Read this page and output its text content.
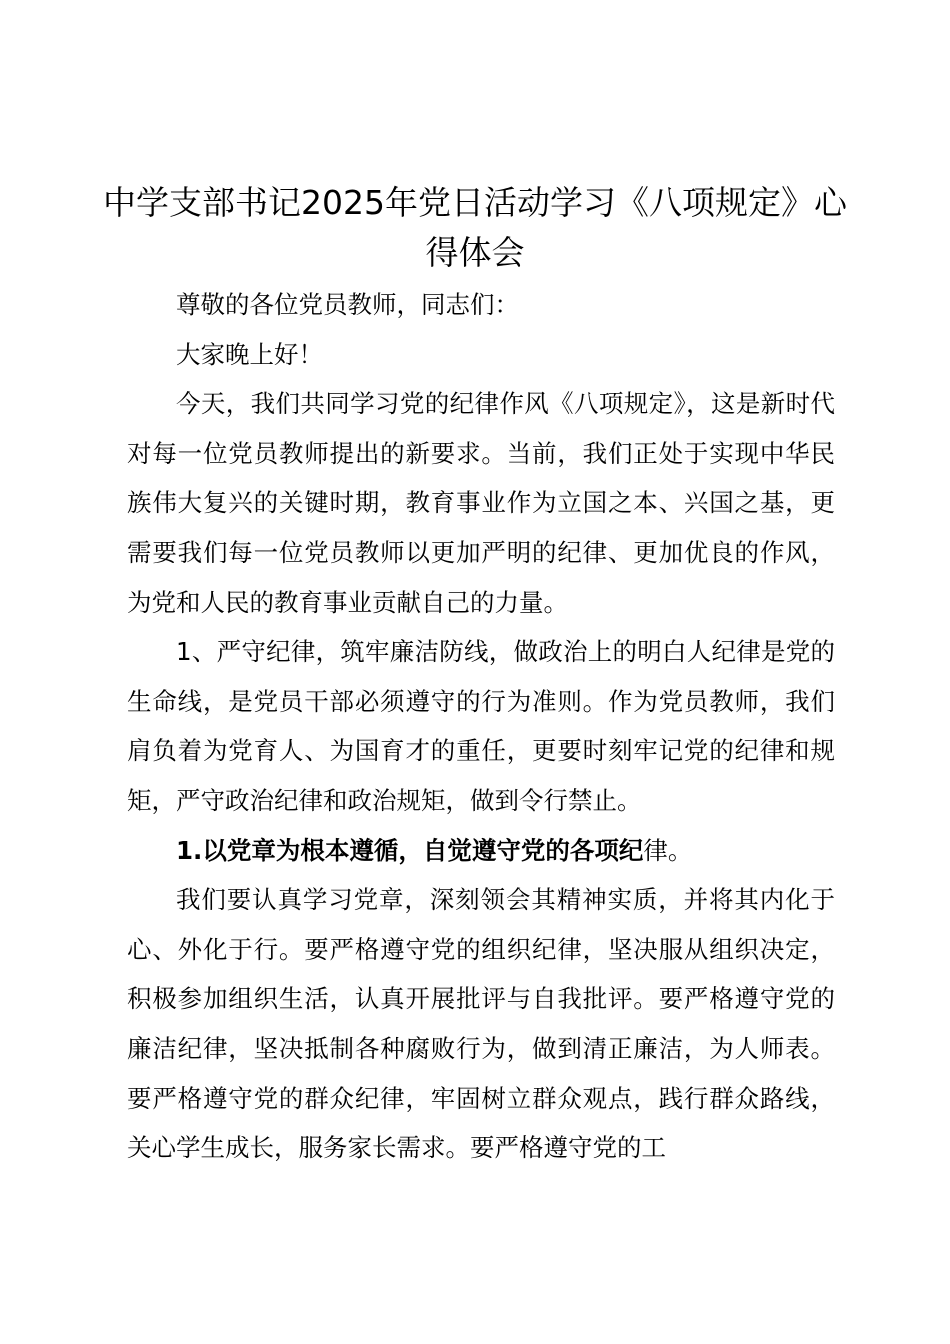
中学支部书记2025年党日活动学习《八项规定》心得体会

尊敬的各位党员教师，同志们：

大家晚上好！

今天，我们共同学习党的纪律作风《八项规定》，这是新时代对每一位党员教师提出的新要求。当前，我们正处于实现中华民族伟大复兴的关键时期，教育事业作为立国之本、兴国之基，更需要我们每一位党员教师以更加严明的纪律、更加优良的作风，为党和人民的教育事业贡献自己的力量。

1、严守纪律，筑牢廉洁防线，做政治上的明白人纪律是党的生命线，是党员干部必须遵守的行为准则。作为党员教师，我们肩负着为党育人、为国育才的重任，更要时刻牢记党的纪律和规矩，严守政治纪律和政治规矩，做到令行禁止。

1.以党章为根本遵循，自觉遵守党的各项纪律。

我们要认真学习党章，深刻领会其精神实质，并将其内化于心、外化于行。要严格遵守党的组织纪律，坚决服从组织决定，积极参加组织生活，认真开展批评与自我批评。要严格遵守党的廉洁纪律，坚决抵制各种腐败行为，做到清正廉洁，为人师表。要严格遵守党的群众纪律，牢固树立群众观点，践行群众路线，关心学生成长，服务家长需求。要严格遵守党的工
